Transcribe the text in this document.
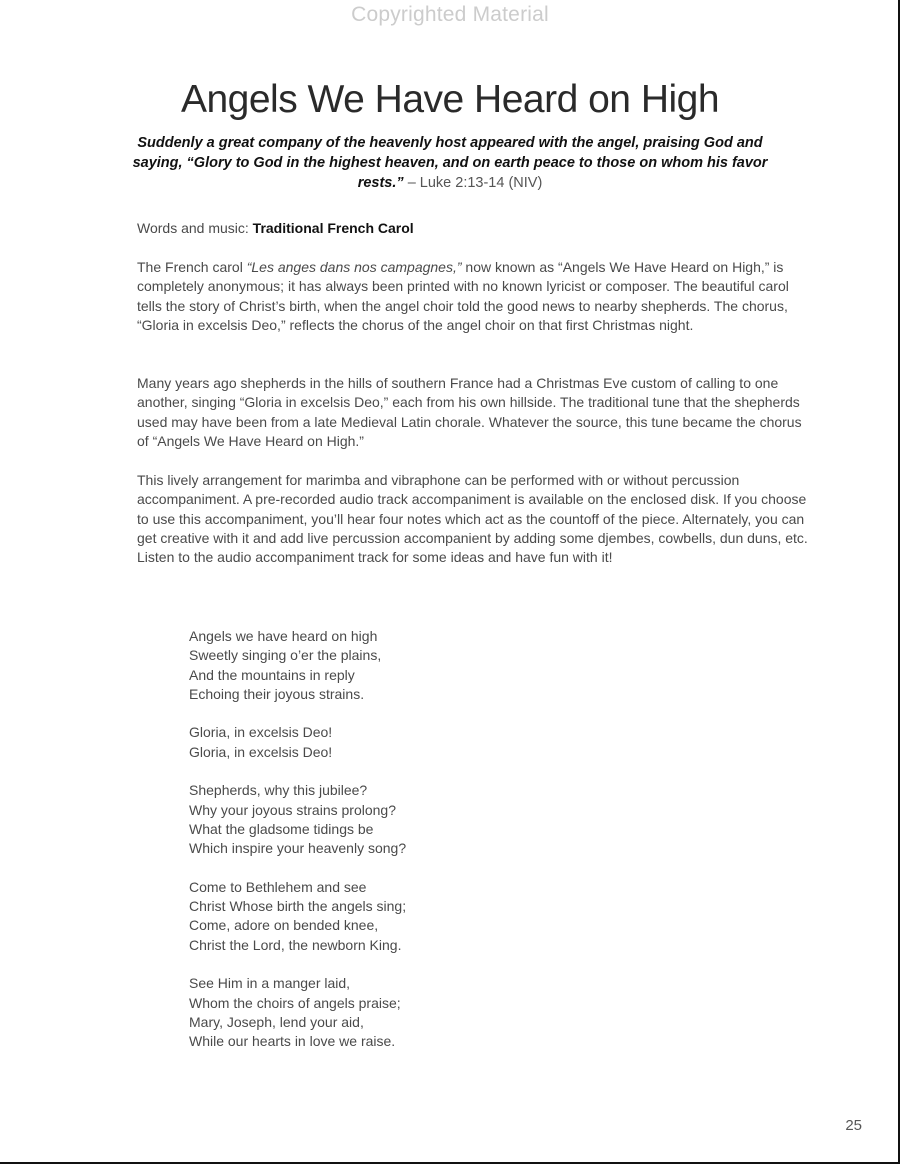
Copyrighted Material
Angels We Have Heard on High
Suddenly a great company of the heavenly host appeared with the angel, praising God and saying, “Glory to God in the highest heaven, and on earth peace to those on whom his favor rests.” – Luke 2:13-14 (NIV)
Words and music: Traditional French Carol
The French carol “Les anges dans nos campagnes,” now known as “Angels We Have Heard on High,” is completely anonymous; it has always been printed with no known lyricist or composer. The beautiful carol tells the story of Christ’s birth, when the angel choir told the good news to nearby shepherds. The chorus, “Gloria in excelsis Deo,” reflects the chorus of the angel choir on that first Christmas night.
Many years ago shepherds in the hills of southern France had a Christmas Eve custom of calling to one another, singing “Gloria in excelsis Deo,” each from his own hillside. The traditional tune that the shepherds used may have been from a late Medieval Latin chorale. Whatever the source, this tune became the chorus of “Angels We Have Heard on High.”
This lively arrangement for marimba and vibraphone can be performed with or without percussion accompaniment. A pre-recorded audio track accompaniment is available on the enclosed disk. If you choose to use this accompaniment, you’ll hear four notes which act as the countoff of the piece. Alternately, you can get creative with it and add live percussion accompanient by adding some djembes, cowbells, dun duns, etc. Listen to the audio accompaniment track for some ideas and have fun with it!
Angels we have heard on high
Sweetly singing o’er the plains,
And the mountains in reply
Echoing their joyous strains.
Gloria, in excelsis Deo!
Gloria, in excelsis Deo!
Shepherds, why this jubilee?
Why your joyous strains prolong?
What the gladsome tidings be
Which inspire your heavenly song?
Come to Bethlehem and see
Christ Whose birth the angels sing;
Come, adore on bended knee,
Christ the Lord, the newborn King.
See Him in a manger laid,
Whom the choirs of angels praise;
Mary, Joseph, lend your aid,
While our hearts in love we raise.
25
